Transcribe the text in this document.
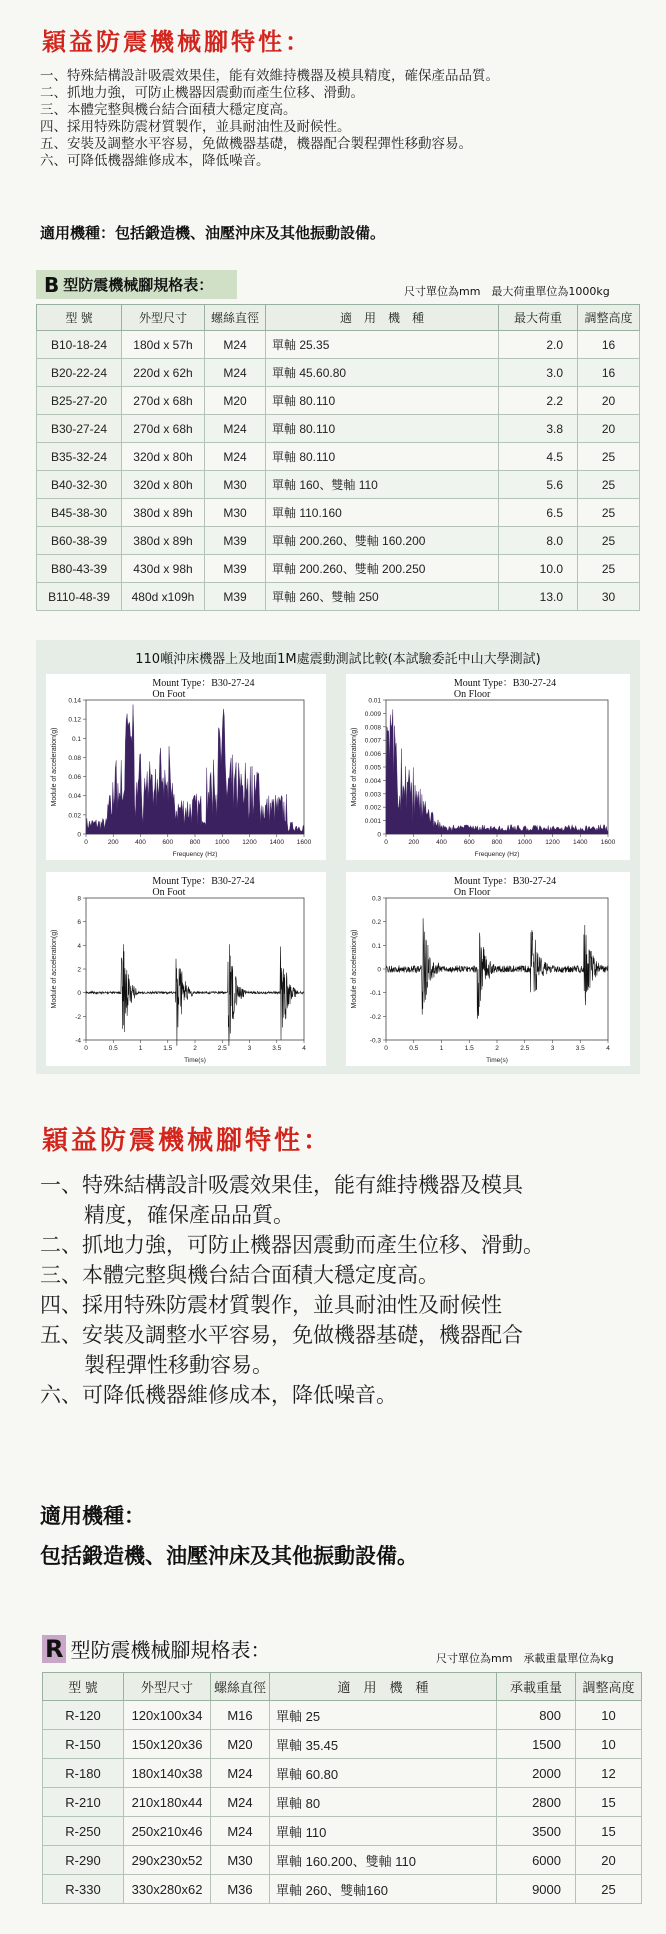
穎益防震機械腳特性：
一、特殊結構設計吸震效果佳，能有效維持機器及模具精度，確保產品品質。
二、抓地力強，可防止機器因震動而產生位移、滑動。
三、本體完整與機台結合面積大穩定度高。
四、採用特殊防震材質製作，並具耐油性及耐候性。
五、安裝及調整水平容易，免做機器基礎，機器配合製程彈性移動容易。
六、可降低機器維修成本，降低噪音。
適用機種：包括鍛造機、油壓沖床及其他振動設備。
B 型防震機械腳規格表：	尺寸單位為mm　最大荷重單位為1000kg
型 號	外型尺寸	螺絲直徑	適　用　機　種	最大荷重	調整高度
B10-18-24	180d x 57h	M24	單軸 25.35	2.0	16
B20-22-24	220d x 62h	M24	單軸 45.60.80	3.0	16
B25-27-20	270d x 68h	M20	單軸 80.110	2.2	20
B30-27-24	270d x 68h	M24	單軸 80.110	3.8	20
B35-32-24	320d x 80h	M24	單軸 80.110	4.5	25
B40-32-30	320d x 80h	M30	單軸 160、雙軸 110	5.6	25
B45-38-30	380d x 89h	M30	單軸 110.160	6.5	25
B60-38-39	380d x 89h	M39	單軸 200.260、雙軸 160.200	8.0	25
B80-43-39	430d x 98h	M39	單軸 200.260、雙軸 200.250	10.0	25
B110-48-39	480d x109h	M39	單軸 260、雙軸 250	13.0	30
110噸沖床機器上及地面1M處震動測試比較(本試驗委託中山大學測試)
Mount Type：B30-27-24
On Foot
0.14
0.12
0.1
0.08
0.06
0.04
0.02
0
0	200	400	600	800 1000 1200 1400 1600
Frequency (Hz)
Module of acceleration(g)
Mount Type：B30-27-24
On Floor
0.01
0.009
0.008
0.007
0.006
0.005
0.004
0.003
0.002
0.001
0
0	200	400	600	800 1000 1200 1400 1600
Frequency (Hz)
Module of acceleration(g)
Mount Type：B30-27-24
On Foot
8
6
4
2
0
-2
-4
0	0.5	1	1.5	2	2.5	3	3.5	4
Time(s)
Module of acceleration(g)
Mount Type：B30-27-24
On Floor
0.3
0.2
0.1
0
-0.1
-0.2
-0.3
0	0.5	1	1.5	2	2.5	3	3.5	4
Time(s)
Module of acceleration(g)
穎益防震機械腳特性：
一、特殊結構設計吸震效果佳，能有維持機器及模具
精度，確保產品品質。
二、抓地力強，可防止機器因震動而產生位移、滑動。
三、本體完整與機台結合面積大穩定度高。
四、採用特殊防震材質製作，並具耐油性及耐候性
五、安裝及調整水平容易，免做機器基礎，機器配合
製程彈性移動容易。
六、可降低機器維修成本，降低噪音。
適用機種：
包括鍛造機、油壓沖床及其他振動設備。
R 型防震機械腳規格表：	尺寸單位為mm　承載重量單位為kg
型 號	外型尺寸	螺絲直徑	適　用　機　種	承載重量	調整高度
R-120	120x100x34	M16	單軸 25	800	10
R-150	150x120x36	M20	單軸 35.45	1500	10
R-180	180x140x38	M24	單軸 60.80	2000	12
R-210	210x180x44	M24	單軸 80	2800	15
R-250	250x210x46	M24	單軸 110	3500	15
R-290	290x230x52	M30	單軸 160.200、雙軸 110	6000	20
R-330	330x280x62	M36	單軸 260、雙軸160	9000	25
